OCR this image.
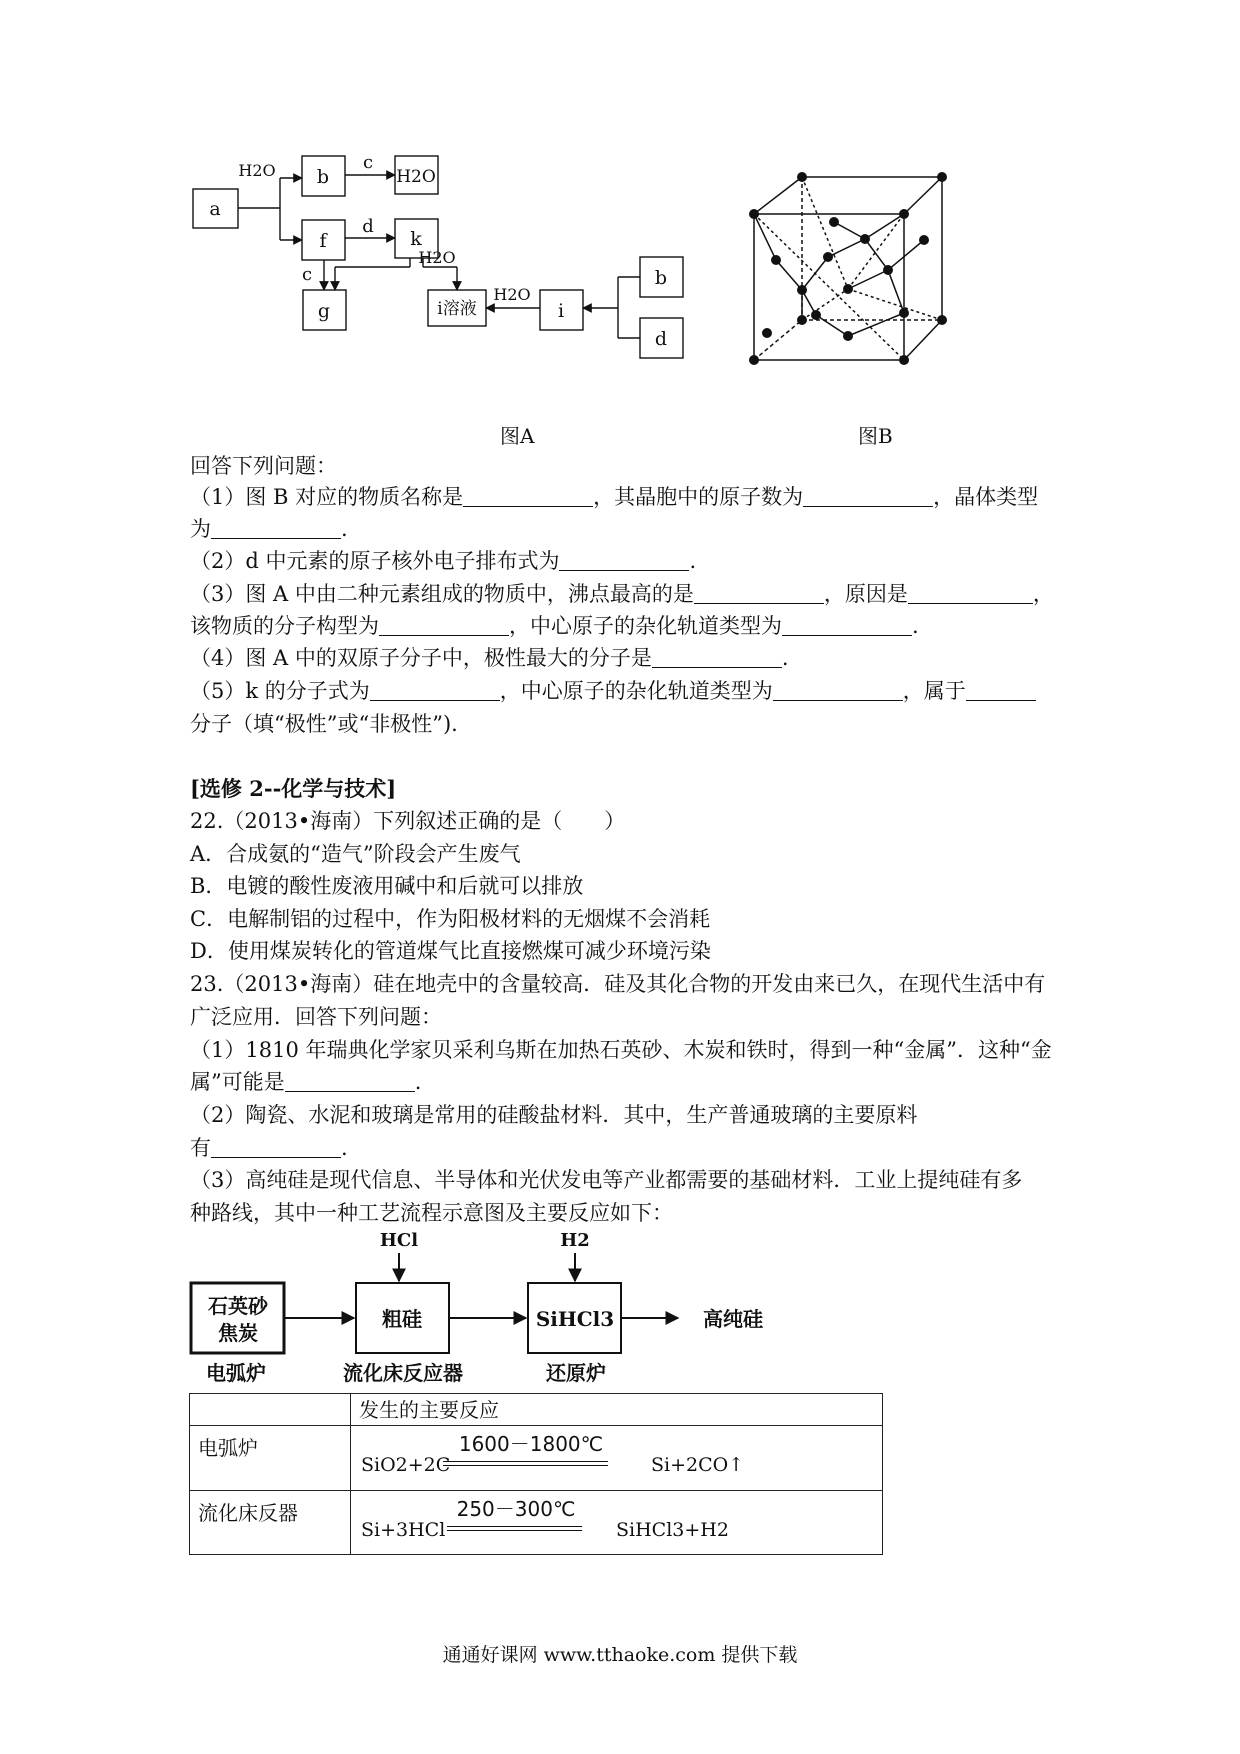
a
b	H2O
f	k
g	i溶液	i
b
d
H2O	c
d
c
H2O
H2O
图A	图B
回答下列问题：
（1）图 B 对应的物质名称是	，其晶胞中的原子数为	，晶体类型
为	.
（2）d 中元素的原子核外电子排布式为	.
（3）图 A 中由二种元素组成的物质中，沸点最高的是	，原因是	，
该物质的分子构型为	，中心原子的杂化轨道类型为	.
（4）图 A 中的双原子分子中，极性最大的分子是	.
（5）k 的分子式为	，中心原子的杂化轨道类型为	，属于
分子（填“极性”或“非极性”).
[选修 2--化学与技术]
22.（2013•海南）下列叙述正确的是（　　）
A．合成氨的“造气”阶段会产生废气
B．电镀的酸性废液用碱中和后就可以排放
C．电解制铝的过程中，作为阳极材料的无烟煤不会消耗
D．使用煤炭转化的管道煤气比直接燃煤可减少环境污染
23.（2013•海南）硅在地壳中的含量较高．硅及其化合物的开发由来已久，在现代生活中有
广泛应用．回答下列问题：
（1）1810 年瑞典化学家贝采利乌斯在加热石英砂、木炭和铁时，得到一种“金属”．这种“金
属”可能是	.
（2）陶瓷、水泥和玻璃是常用的硅酸盐材料．其中，生产普通玻璃的主要原料
有	.
（3）高纯硅是现代信息、半导体和光伏发电等产业都需要的基础材料．工业上提纯硅有多
种路线，其中一种工艺流程示意图及主要反应如下：
石英砂
焦炭
粗硅	SiHCl3
HCl	H2
高纯硅
电弧炉	流化床反应器	还原炉
	发生的主要反应
电弧炉	SiO2+2C
1600－1800℃
Si+2CO↑

流化床反器	Si+3HCl
250－300℃
SiHCl3+H2
通通好课网 www.tthaoke.com 提供下载
